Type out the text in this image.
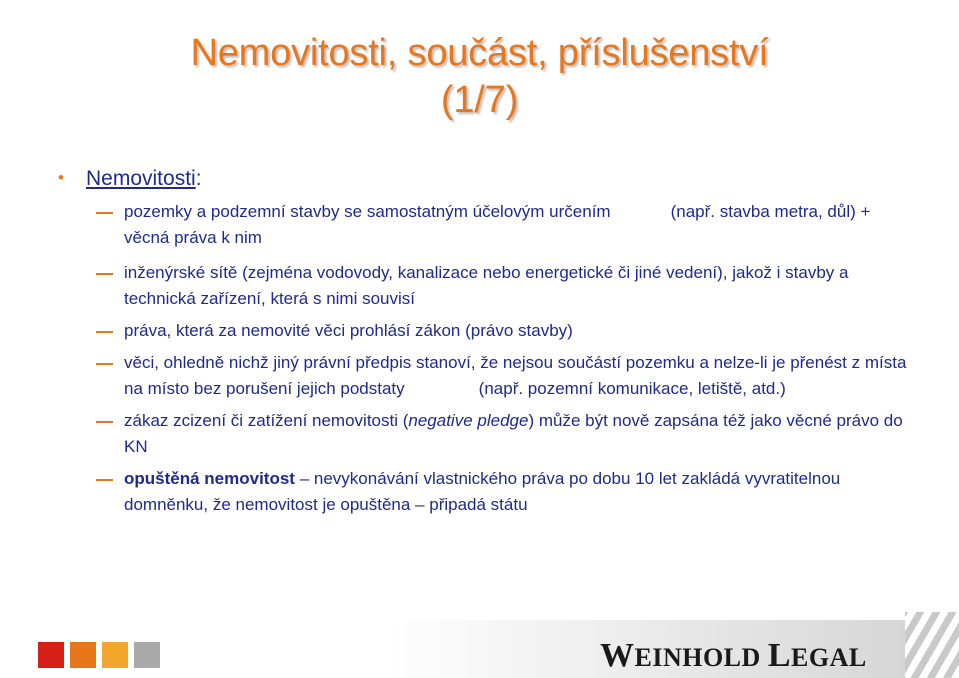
Nemovitosti, součást, příslušenství
(1/7)
• Nemovitosti:
pozemky a podzemní stavby se samostatným účelovým určením	(např. stavba metra, důl) + věcná práva k nim
inženýrské sítě (zejména vodovody, kanalizace nebo energetické či jiné vedení), jakož i stavby a technická zařízení, která s nimi souvisí
práva, která za nemovité věci prohlásí zákon (právo stavby)
věci, ohledně nichž jiný právní předpis stanoví, že nejsou součástí pozemku a nelze-li je přenést z místa na místo bez porušení jejich podstaty	(např. pozemní komunikace, letiště, atd.)
zákaz zcizení či zatížení nemovitosti (negative pledge) může být nově zapsána též jako věcné právo do KN
opuštěná nemovitost – nevykonávání vlastnického práva po dobu 10 let zakládá vyvratitelnou domněnku, že nemovitost je opuštěna – připadá státu
WEINHOLD LEGAL
